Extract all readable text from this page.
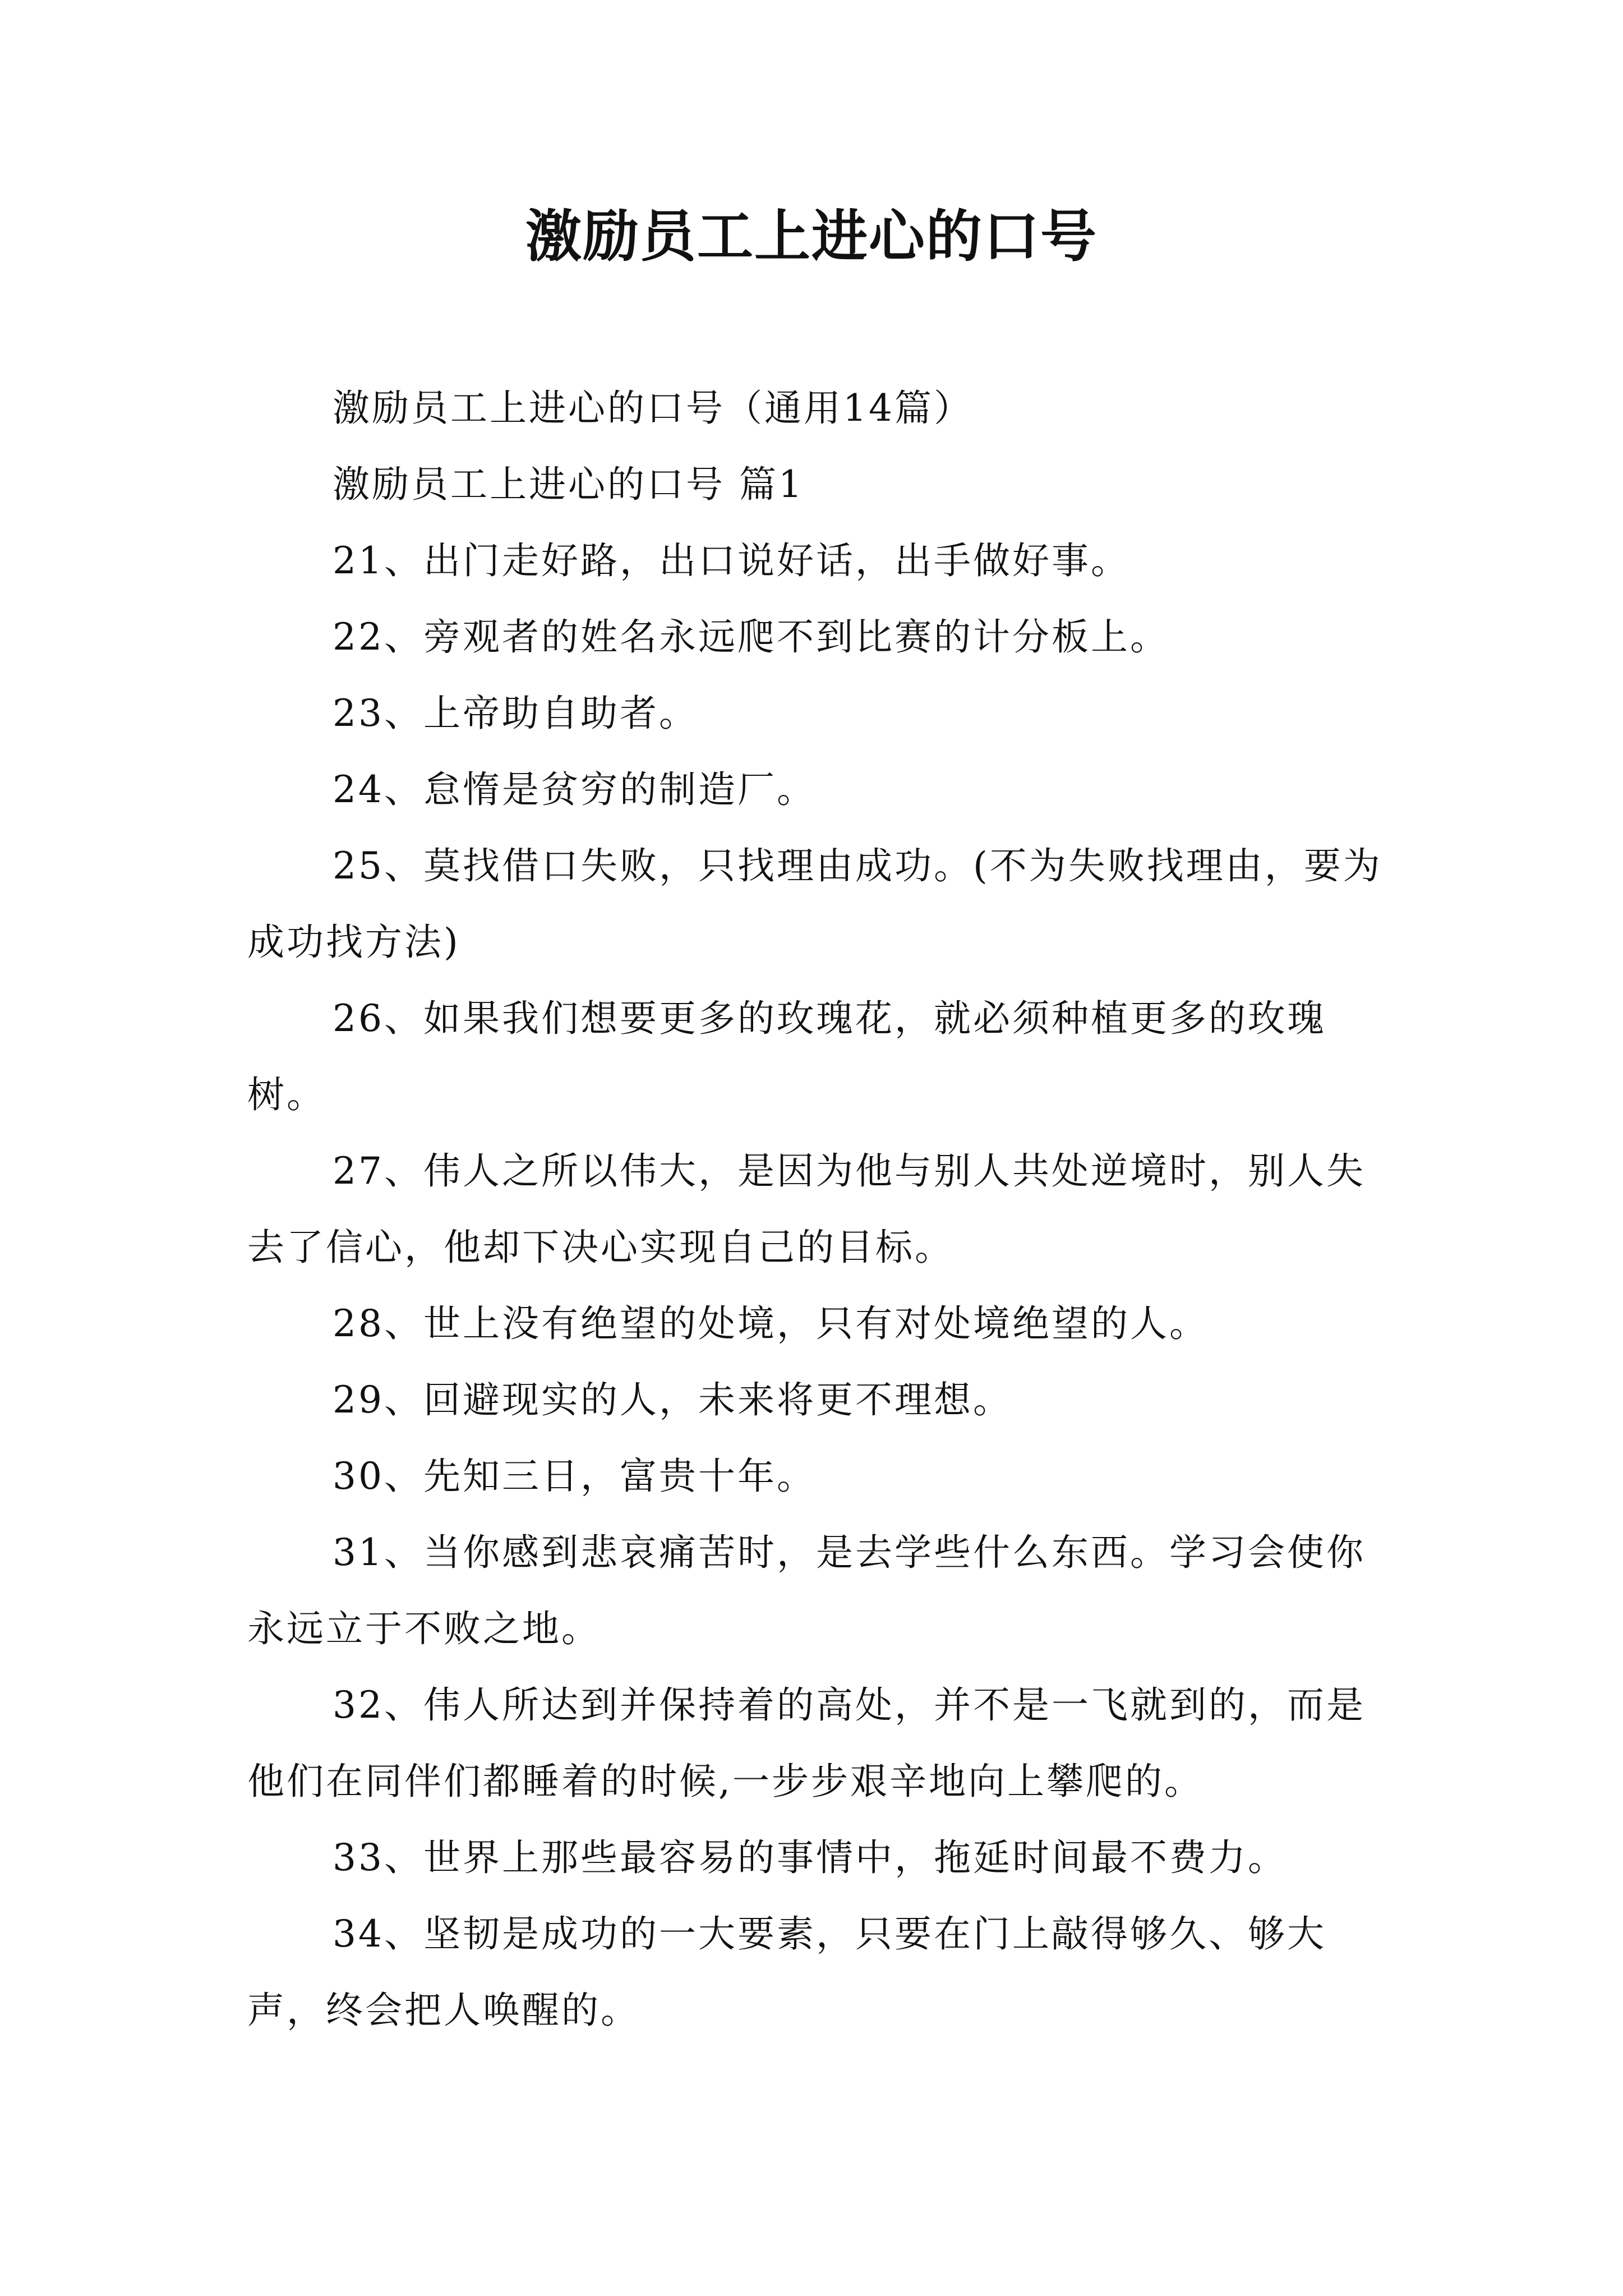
激励员工上进心的口号

激励员工上进心的口号（通用14篇）

激励员工上进心的口号 篇1

21、出门走好路，出口说好话，出手做好事。

22、旁观者的姓名永远爬不到比赛的计分板上。

23、上帝助自助者。

24、怠惰是贫穷的制造厂。

25、莫找借口失败，只找理由成功。(不为失败找理由，要为成功找方法)

26、如果我们想要更多的玫瑰花，就必须种植更多的玫瑰树。

27、伟人之所以伟大，是因为他与别人共处逆境时，别人失去了信心，他却下决心实现自己的目标。

28、世上没有绝望的处境，只有对处境绝望的人。

29、回避现实的人，未来将更不理想。

30、先知三日，富贵十年。

31、当你感到悲哀痛苦时，是去学些什么东西。学习会使你永远立于不败之地。

32、伟人所达到并保持着的高处，并不是一飞就到的，而是他们在同伴们都睡着的时候,一步步艰辛地向上攀爬的。

33、世界上那些最容易的事情中，拖延时间最不费力。

34、坚韧是成功的一大要素，只要在门上敲得够久、够大声，终会把人唤醒的。
